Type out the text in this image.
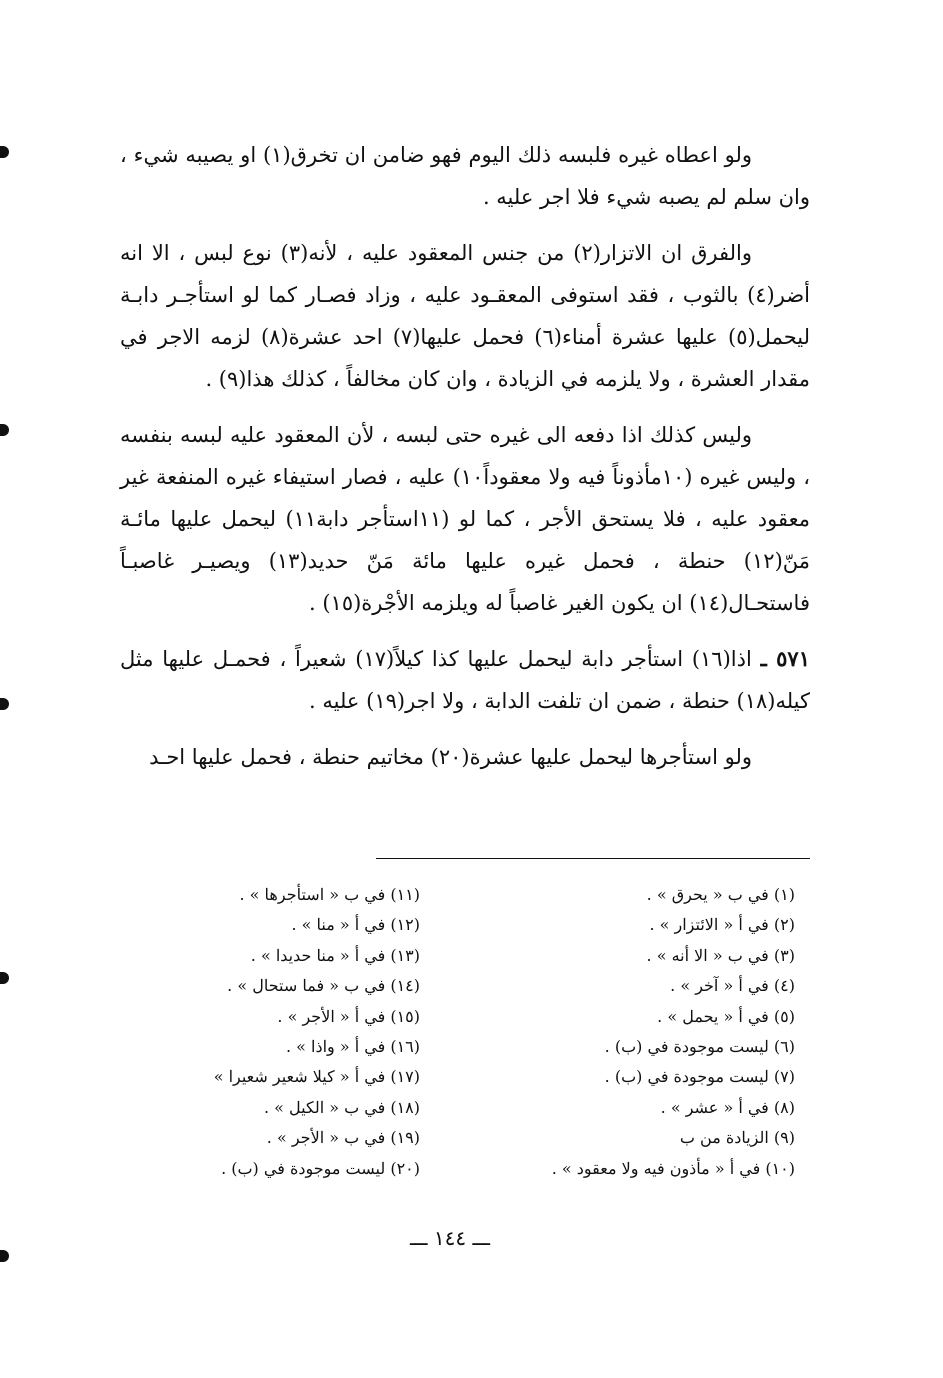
ولو اعطاه غيره فلبسه ذلك اليوم فهو ضامن ان تخرق(١) او يصيبه شيء ، وان سلم لم يصبه شيء فلا اجر عليه .

والفرق ان الاتزار(٢) من جنس المعقود عليه ، لأنه(٣) نوع لبس ، الا انه أضر(٤) بالثوب ، فقد استوفى المعقـود عليه ، وزاد فصـار كما لو استأجـر دابـة ليحمل(٥) عليها عشرة أمناء(٦) فحمل عليها(٧) احد عشرة(٨) لزمه الاجر في مقدار العشرة ، ولا يلزمه في الزيادة ، وان كان مخالفاً ، كذلك هذا(٩) .

وليس كذلك اذا دفعه الى غيره حتى لبسه ، لأن المعقود عليه لبسه بنفسه ، وليس غيره (١٠مأذوناً فيه ولا معقوداً١٠) عليه ، فصار استيفاء غيره المنفعة غير معقود عليه ، فلا يستحق الأجر ، كما لو (١١استأجر دابة١١) ليحمل عليها مائـة مَنّ(١٢) حنطة ، فحمل غيره عليها مائة مَنّ حديد(١٣) ويصيـر غاصبـاً فاستحـال(١٤) ان يكون الغير غاصباً له ويلزمه الأجْرة(١٥) .

٥٧١ ـ اذا(١٦) استأجر دابة ليحمل عليها كذا كيلاً(١٧) شعيراً ، فحمـل عليها مثل كيله(١٨) حنطة ، ضمن ان تلفت الدابة ، ولا اجر(١٩) عليه .

ولو استأجرها ليحمل عليها عشرة(٢٠) مخاتيم حنطة ، فحمل عليها احـد

(١) في ب « يحرق » .
(٢) في أ « الائتزار » .
(٣) في ب « الا أنه » .
(٤) في أ « آخر » .
(٥) في أ « يحمل » .
(٦) ليست موجودة في (ب) .
(٧) ليست موجودة في (ب) .
(٨) في أ « عشر » .
(٩) الزيادة من ب
(١٠) في أ « مأذون فيه ولا معقود » .
(١١) في ب « استأجرها » .
(١٢) في أ « منا » .
(١٣) في أ « منا حديدا » .
(١٤) في ب « فما ستحال » .
(١٥) في أ « الأجر » .
(١٦) في أ « واذا » .
(١٧) في أ « كيلا شعير شعيرا »
(١٨) في ب « الكيل » .
(١٩) في ب « الأجر » .
(٢٠) ليست موجودة في (ب) .
ـــ ١٤٤ ـــ
